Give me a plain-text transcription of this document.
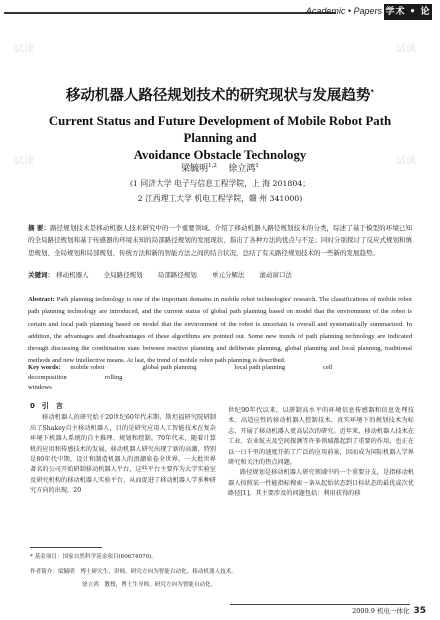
试读	试读
试读
试读
Academic • Papers 学术 • 论文
移动机器人路径规划技术的研究现状与发展趋势*
Current Status and Future Development of Mobile Robot Path Planning and
Avoidance Obstacle Technology
梁毓明$^{1,2}$ 徐立鸿$^1$
(1 同济大学 电子与信息工程学院，上 海 201804；
2 江西理工大学 机电工程学院，赣 州 341000)
摘 要：路径规划技术是移动机器人技术研究中的一个重要领域。介绍了移动机器人路径规划技术的分类，综述了基于模型的环境已知的全局路径规划和基于传感器的环境未知的局部路径规划的发展现状，指出了各种方法的优点与不足；同时分别探讨了反应式规划和慎思规划、全局规划和局部规划、传统方法和新的智能方法之间的结合状况，总结了有关路径规划技术的一些新的发展趋势。
关键词： 移动机器人 全局路径规划 局部路径规划 单元分解法 滚动窗口法
Abstract: Path planning technology is one of the important domains in mobile robot technologies' research. The classifications of mobile robot path planning technology are introduced, and the current status of global path planning based on model that the environment of the robot is certain and local path planning based on model that the environment of the robot is uncertain is overall and systematically summarized. In addition, the advantages and disadvantages of these algorithms are pointed out. Some new trends of path planning technology are indicated through discussing the combination state between reactive planning and deliberate planning, global planning and local planning, traditional methods and new intellective means. At last, the trend of mobile robot path planning is described.
Key words: mobile robot	global path planning	local path planning	cell decomposition	rolling
windows
0　引　言

移动机器人的研究始于20世纪60年代末期，斯坦福研究院研制出了Shakey自主移动机器人，目的是研究应用人工智能技术在复杂环境下机器人系统的自主推理、规划和控制。70年代末，随着计算机的应用和传感技术的发展，移动机器人研究出现了新的高潮，特别是80年代中期，设计和制造机器人的浪潮席卷全世界，一大批世界著名的公司开始研制移动机器人平台，这些平台主要作为大学实验室及研究机构的移动机器人实验平台，从而促进了移动机器人学多种研究方向的出现。20

世纪90年代以来，以研制高水平的环境信息传感器和信息处理技术、高适应性的移动机器人控制技术、真实环境下的规划技术为标志，开展了移动机器人更高层次的研究。近年来，移动机器人技术在工业、农业航天及空间探测等许多领域都起到了重要的作用，也正在以一日千里的速度开拓了广泛的应用前景，因而成为国际机器人学界研究和关注的热点问题。

路径规划是移动机器人研究领域中的一个重要分支，是指移动机器人按照某一性能指标搜索一条从起始状态到目标状态的最优或次优路径[1]。其主要涉及的问题包括：利用获得的移

* 基金项目：国家自然科学基金项目(60674070)。
作者简介：梁毓明　博士研究生，讲师，研究方向为智能自动化、移动机器人技术。
徐立鸿　教授，博士生导师。研究方向为智能自动化。
2009.9 机电一体化 35
